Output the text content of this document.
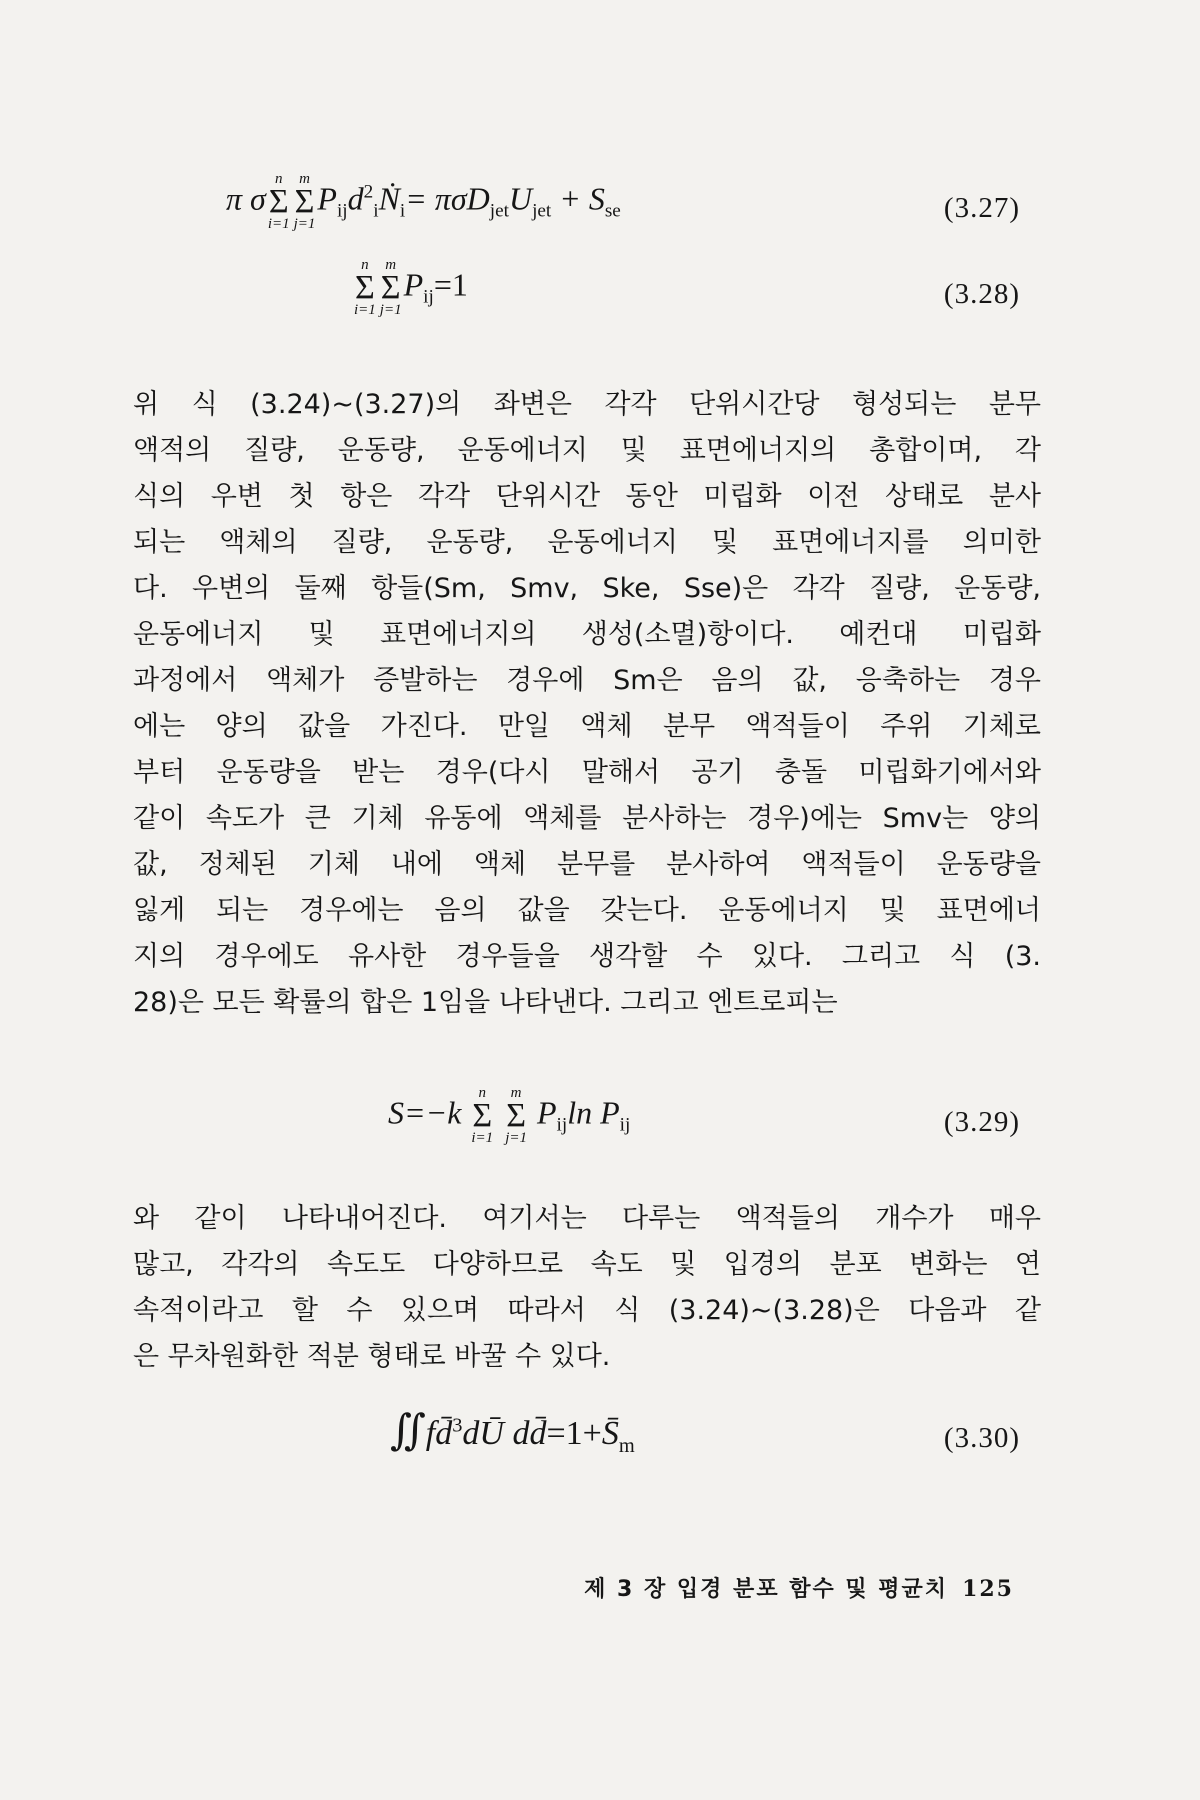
π σ
n
Σ
i=1
m
Σ
j=1
$P_{ij}d^2_iṄ_i= \pi\sigma D_{jet}U_{jet} + S_{se}$	(3.27)
n
Σ
i=1
m
Σ
j=1
$P_{ij}=1$	(3.28)
위 식 (3.24)~(3.27)의 좌변은 각각 단위시간당 형성되는 분무
액적의 질량, 운동량, 운동에너지 및 표면에너지의 총합이며, 각
식의 우변 첫 항은 각각 단위시간 동안 미립화 이전 상태로 분사
되는 액체의 질량, 운동량, 운동에너지 및 표면에너지를 의미한
다. 우변의 둘째 항들(Sm, Smv, Ske, Sse)은 각각 질량, 운동량,
운동에너지 및 표면에너지의 생성(소멸)항이다. 예컨대 미립화
과정에서 액체가 증발하는 경우에 Sm은 음의 값, 응축하는 경우
에는 양의 값을 가진다. 만일 액체 분무 액적들이 주위 기체로
부터 운동량을 받는 경우(다시 말해서 공기 충돌 미립화기에서와
같이 속도가 큰 기체 유동에 액체를 분사하는 경우)에는 Smv는 양의
값, 정체된 기체 내에 액체 분무를 분사하여 액적들이 운동량을
잃게 되는 경우에는 음의 값을 갖는다. 운동에너지 및 표면에너
지의 경우에도 유사한 경우들을 생각할 수 있다. 그리고 식 (3.
28)은 모든 확률의 합은 1임을 나타낸다. 그리고 엔트로피는
S=−k
n
Σ
i=1

m
Σ
j=1
$P_{ij}\ln$ $P_{ij}$	(3.29)
와 같이 나타내어진다. 여기서는 다루는 액적들의 개수가 매우
많고, 각각의 속도도 다양하므로 속도 및 입경의 분포 변화는 연
속적이라고 할 수 있으며 따라서 식 (3.24)~(3.28)은 다음과 같
은 무차원화한 적분 형태로 바꿀 수 있다.
∬fd̄$^3$dŪ $dd̄=1+S̄_m$	(3.30)
제 3 장 입경 분포 함수 및 평균치 125
